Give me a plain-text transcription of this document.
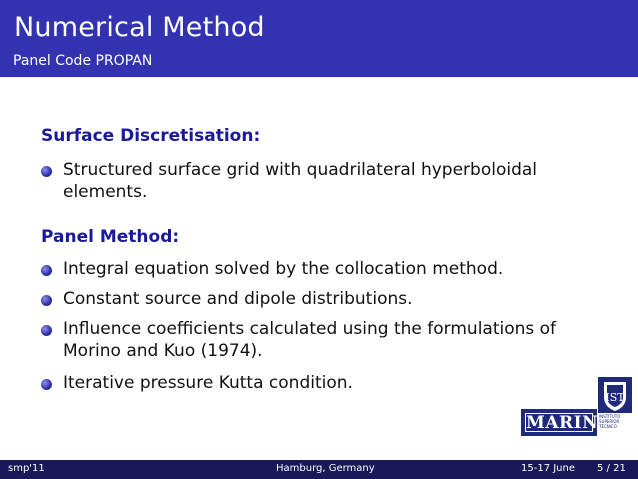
Numerical Method
Panel Code PROPAN
Surface Discretisation:
Structured surface grid with quadrilateral hyperboloidal elements.
Panel Method:
Integral equation solved by the collocation method.
Constant source and dipole distributions.
Influence coefficients calculated using the formulations of Morino and Kuo (1974).
Iterative pressure Kutta condition.
MARIN
IST
INSTITUTO
SUPERIOR
TÉCNICO
smp'11	Hamburg, Germany	15-17 June 5 / 21
